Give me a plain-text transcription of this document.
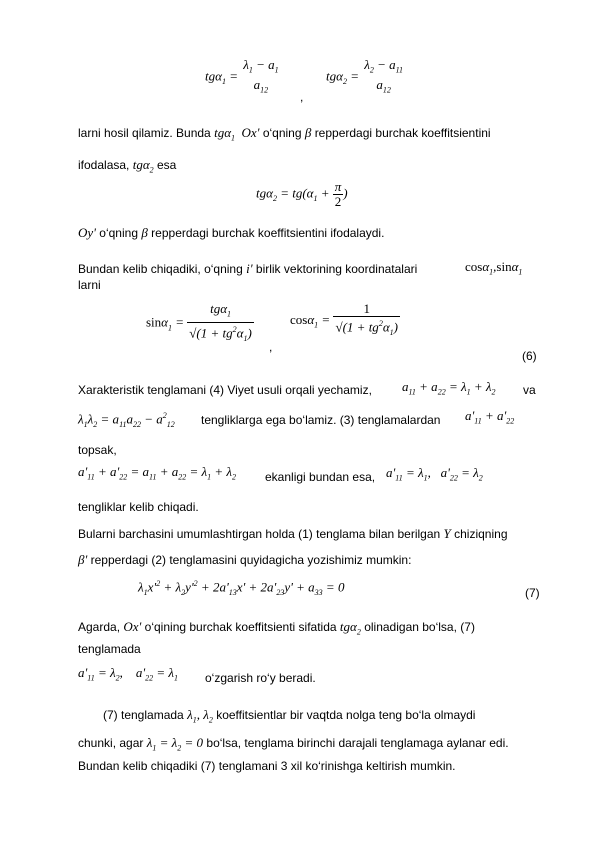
tgα$_1$ =
$\lambda_1 - a_1$
$a_{12}$
,
tgα$_2$ =
$\lambda_2 - a_{11}$
$a_{12}$
larni hosil qilamiz. Bunda tgα$_1$  Ox' o‘qning β repperdagi burchak koeffitsientini
ifodalasa, tgα$_2$ esa
$tg\alpha_2 = tg(\alpha_1 + \frac{\pi}{2}$ )
Oy' o‘qning β repperdagi burchak koeffitsientini ifodalaydi.
Bundan kelib chiqadiki, o‘qning i' birlik vektorining koordinatalari	cosα$_1$,sinα$_1$
larni
$\sin\alpha_1 = \frac{tg\alpha_1}{√(1 + tg^2\alpha_1)}$
,
$\cos\alpha_1 = \frac{1}{√(1 + tg^2\alpha_1)}$
(6)
Xarakteristik tenglamani (4) Viyet usuli orqali yechamiz, $a_{11} + a_{22} = \lambda_1 + \lambda_2$ va
$\lambda_1\lambda_2 = a_{11}a_{22} - a^2_{12}$ tengliklarga ega bo‘lamiz. (3) tenglamalardan $a'_{11} + a'_{22}$
topsak,
$a'_{11} + a'_{22} = a_{11} + a_{22} = \lambda_1 + \lambda_2$ ekanligi bundan esa, $a'_{11} = \lambda_1$,   $a'_{22} = \lambda_2$
tengliklar kelib chiqadi.
Bularni barchasini umumlashtirgan holda (1) tenglama bilan berilgan Υ chiziqning
β' repperdagi (2) tenglamasini quyidagicha yozishimiz mumkin:
$\lambda_1x'^2 + \lambda_2y'^2 + 2a'_{13}x' + 2a'_{23}y' + a_{33} = 0$	(7)
Agarda, Ox' o‘qining burchak koeffitsienti sifatida tgα$_2$ olinadigan bo‘lsa, (7)
tenglamada
$a'_{11} = \lambda_2$,    $a'_{22} = \lambda_1$ o‘zgarish ro‘y beradi.
(7) tenglamada $\lambda_1$, $\lambda_2$ koeffitsientlar bir vaqtda nolga teng bo‘la olmaydi
chunki, agar $\lambda_1 = \lambda_2 = 0$ bo‘lsa, tenglama birinchi darajali tenglamaga aylanar edi.
Bundan kelib chiqadiki (7) tenglamani 3 xil ko‘rinishga keltirish mumkin.
